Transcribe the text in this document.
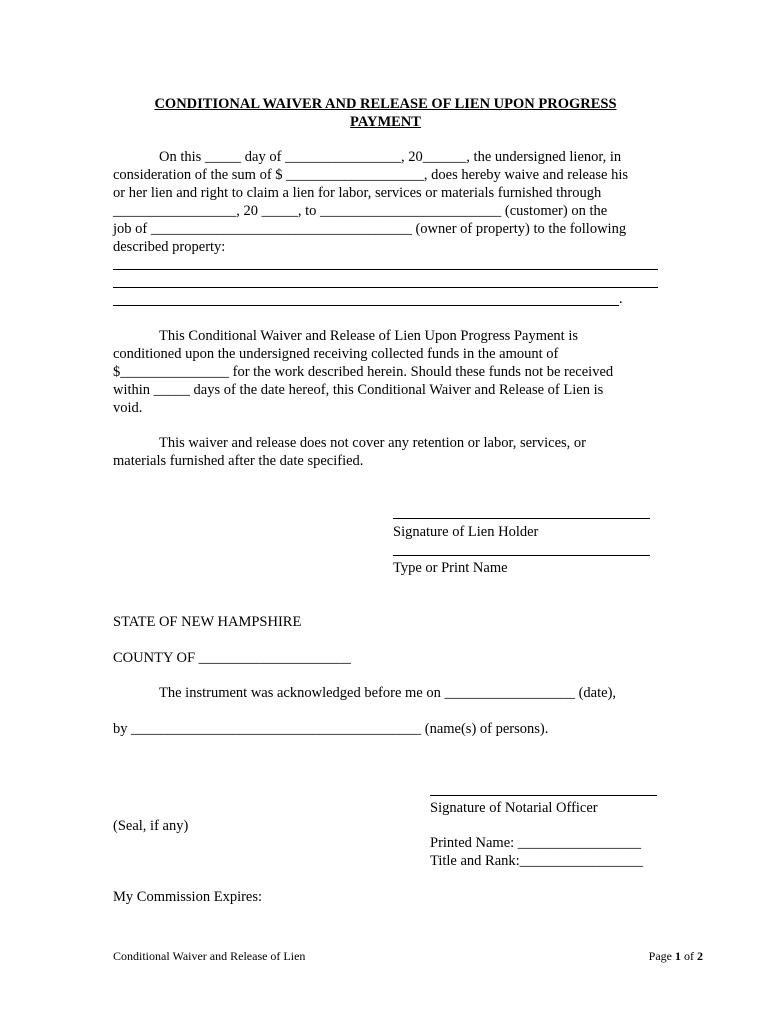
CONDITIONAL WAIVER AND RELEASE OF LIEN UPON PROGRESS
PAYMENT
On this _____ day of ________________, 20______, the undersigned lienor, in
consideration of the sum of $ ___________________, does hereby waive and release his
or her lien and right to claim a lien for labor, services or materials furnished through
_________________, 20 _____, to _________________________ (customer) on the
job of ____________________________________ (owner of property) to the following
described property:
.
This Conditional Waiver and Release of Lien Upon Progress Payment is
conditioned upon the undersigned receiving collected funds in the amount of
$_______________ for the work described herein. Should these funds not be received
within _____ days of the date hereof, this Conditional Waiver and Release of Lien is
void.
This waiver and release does not cover any retention or labor, services, or
materials furnished after the date specified.
Signature of Lien Holder
Type or Print Name
STATE OF NEW HAMPSHIRE
COUNTY OF _____________________
The instrument was acknowledged before me on __________________ (date),
by ________________________________________ (name(s) of persons).
Signature of Notarial Officer
(Seal, if any)
Printed Name: _________________
Title and Rank:_________________
My Commission Expires:
Conditional Waiver and Release of Lien	Page 1 of 2
